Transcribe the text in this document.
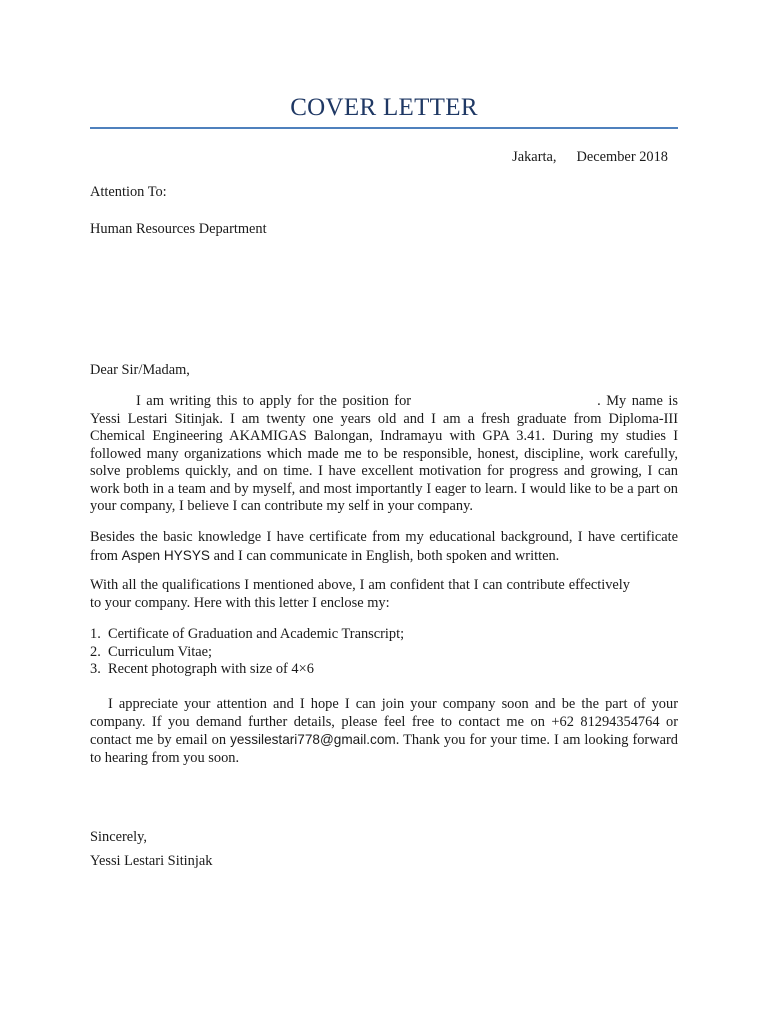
COVER LETTER
Jakarta, December 2018
Attention To:
Human Resources Department
Dear Sir/Madam,

I am writing this to apply for the position for	. My name is Yessi Lestari Sitinjak. I am twenty one years old and I am a fresh graduate from Diploma-III Chemical Engineering AKAMIGAS Balongan, Indramayu with GPA 3.41. During my studies I followed many organizations which made me to be responsible, honest, discipline, work carefully, solve problems quickly, and on time. I have excellent motivation for progress and growing, I can work both in a team and by myself, and most importantly I eager to learn. I would like to be a part on your company, I believe I can contribute my self in your company.

Besides the basic knowledge I have certificate from my educational background, I have certificate from Aspen HYSYS and I can communicate in English, both spoken and written.

With all the qualifications I mentioned above, I am confident that I can contribute effectively to your company. Here with this letter I enclose my:

1. Certificate of Graduation and Academic Transcript;
2. Curriculum Vitae;
3. Recent photograph with size of 4×6

I appreciate your attention and I hope I can join your company soon and be the part of your company. If you demand further details, please feel free to contact me on +62 81294354764 or contact me by email on yessilestari778@gmail.com. Thank you for your time. I am looking forward to hearing from you soon.

Sincerely,
Yessi Lestari Sitinjak
